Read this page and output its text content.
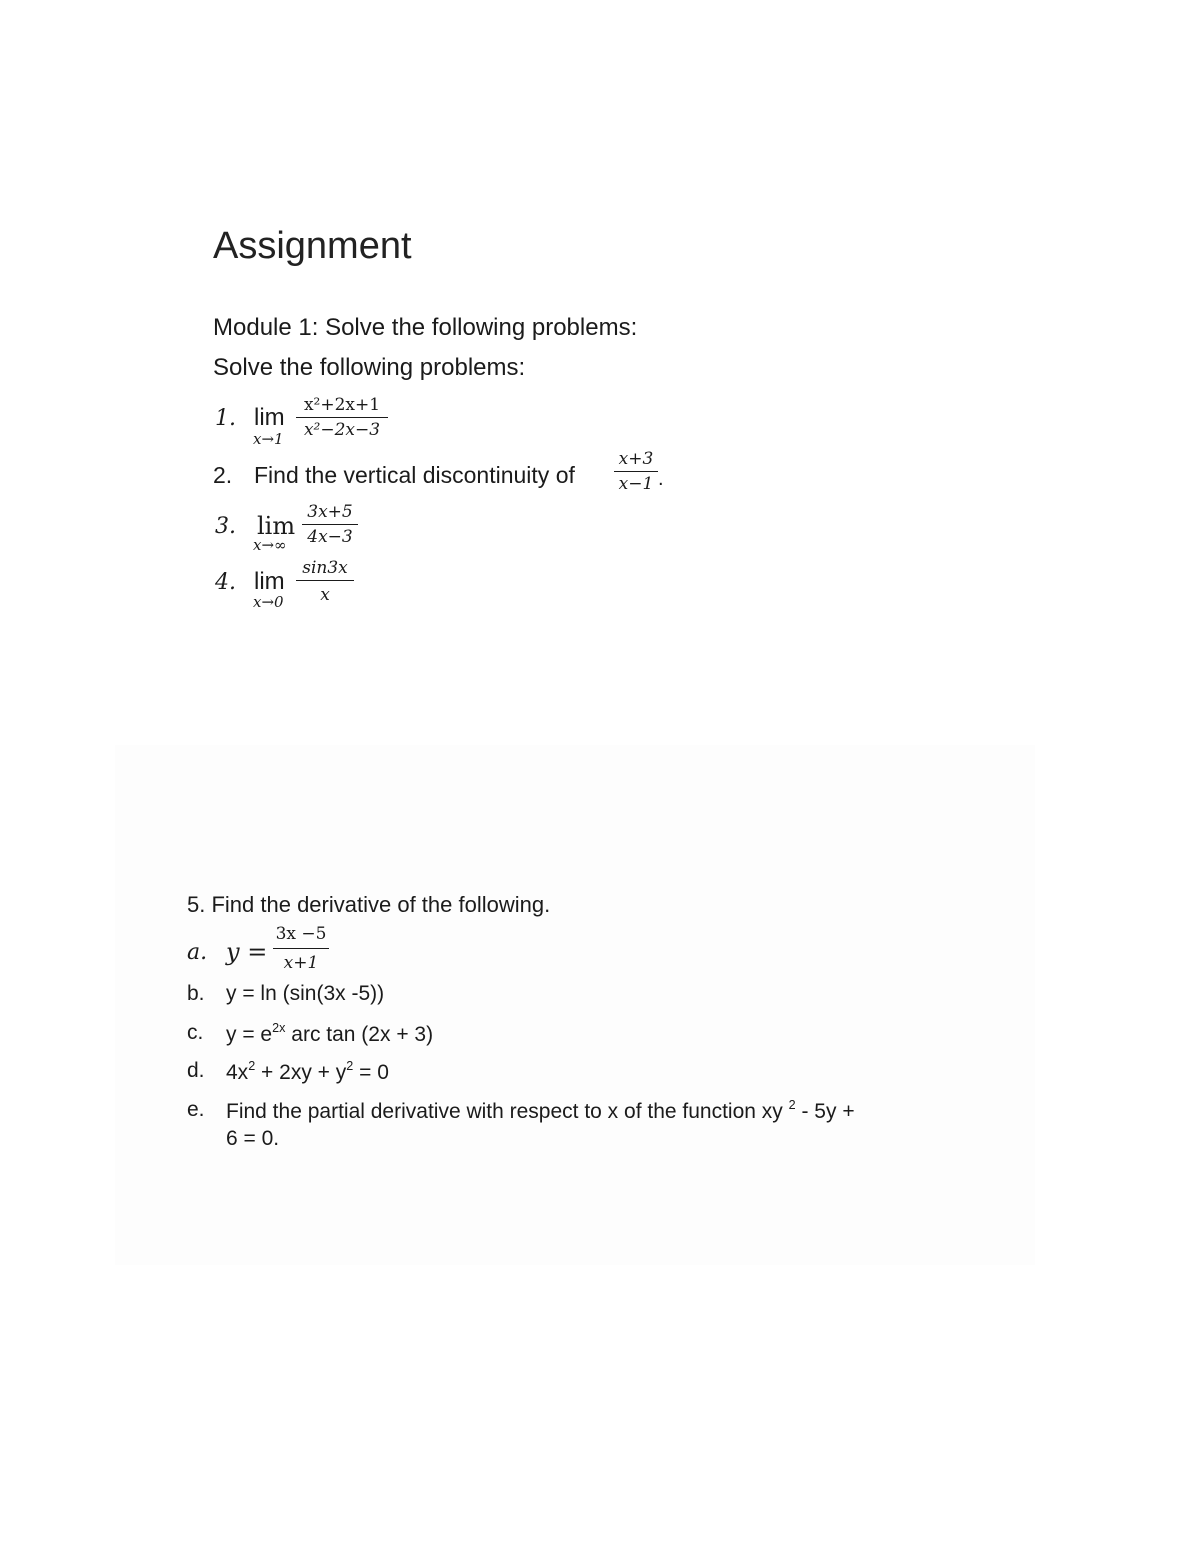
Assignment
Module 1: Solve the following problems:
Solve the following problems:
1. lim
x→1
x²+2x+1
x²−2x−3
2. Find the vertical discontinuity of
x+3
x−1 .
3. lim
x→∞
3x+5
4x−3
4. lim
x→0
sin3x
x
5. Find the derivative of the following.
a. y =
3x −5
x+1
b. y = ln (sin(3x -5))
c. $y = e^{2x}$ arc tan (2x + 3)
d. $4x^2 + 2xy + y^2 = 0$
e. Find the partial derivative with respect to x of the function xy $^2$ - 5y +
6 = 0.
